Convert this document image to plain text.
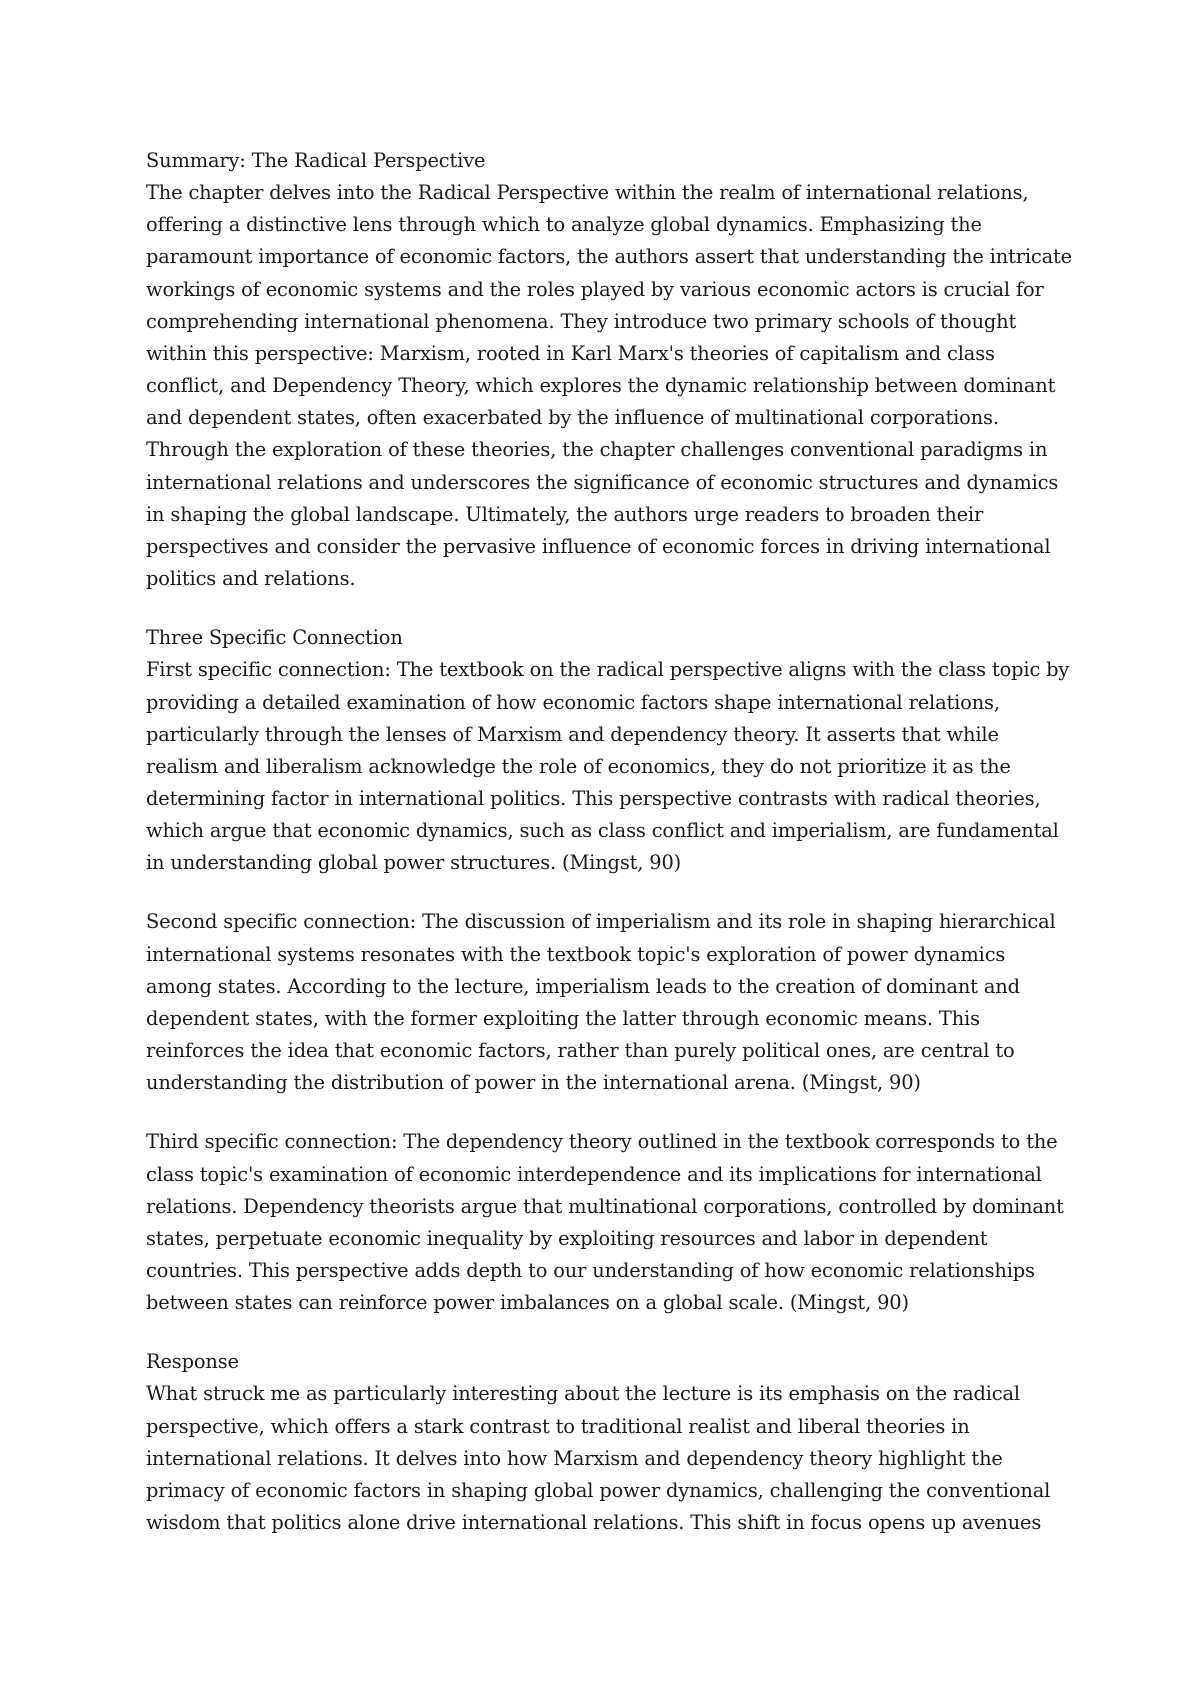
Summary: The Radical Perspective
The chapter delves into the Radical Perspective within the realm of international relations, offering a distinctive lens through which to analyze global dynamics. Emphasizing the paramount importance of economic factors, the authors assert that understanding the intricate workings of economic systems and the roles played by various economic actors is crucial for comprehending international phenomena. They introduce two primary schools of thought within this perspective: Marxism, rooted in Karl Marx's theories of capitalism and class conflict, and Dependency Theory, which explores the dynamic relationship between dominant and dependent states, often exacerbated by the influence of multinational corporations. Through the exploration of these theories, the chapter challenges conventional paradigms in international relations and underscores the significance of economic structures and dynamics in shaping the global landscape. Ultimately, the authors urge readers to broaden their perspectives and consider the pervasive influence of economic forces in driving international politics and relations.
Three Specific Connection
First specific connection: The textbook on the radical perspective aligns with the class topic by providing a detailed examination of how economic factors shape international relations, particularly through the lenses of Marxism and dependency theory. It asserts that while realism and liberalism acknowledge the role of economics, they do not prioritize it as the determining factor in international politics. This perspective contrasts with radical theories, which argue that economic dynamics, such as class conflict and imperialism, are fundamental in understanding global power structures. (Mingst, 90)
Second specific connection: The discussion of imperialism and its role in shaping hierarchical international systems resonates with the textbook topic's exploration of power dynamics among states. According to the lecture, imperialism leads to the creation of dominant and dependent states, with the former exploiting the latter through economic means. This reinforces the idea that economic factors, rather than purely political ones, are central to understanding the distribution of power in the international arena. (Mingst, 90)
Third specific connection: The dependency theory outlined in the textbook corresponds to the class topic's examination of economic interdependence and its implications for international relations. Dependency theorists argue that multinational corporations, controlled by dominant states, perpetuate economic inequality by exploiting resources and labor in dependent countries. This perspective adds depth to our understanding of how economic relationships between states can reinforce power imbalances on a global scale. (Mingst, 90)
Response
What struck me as particularly interesting about the lecture is its emphasis on the radical perspective, which offers a stark contrast to traditional realist and liberal theories in international relations. It delves into how Marxism and dependency theory highlight the primacy of economic factors in shaping global power dynamics, challenging the conventional wisdom that politics alone drive international relations. This shift in focus opens up avenues
